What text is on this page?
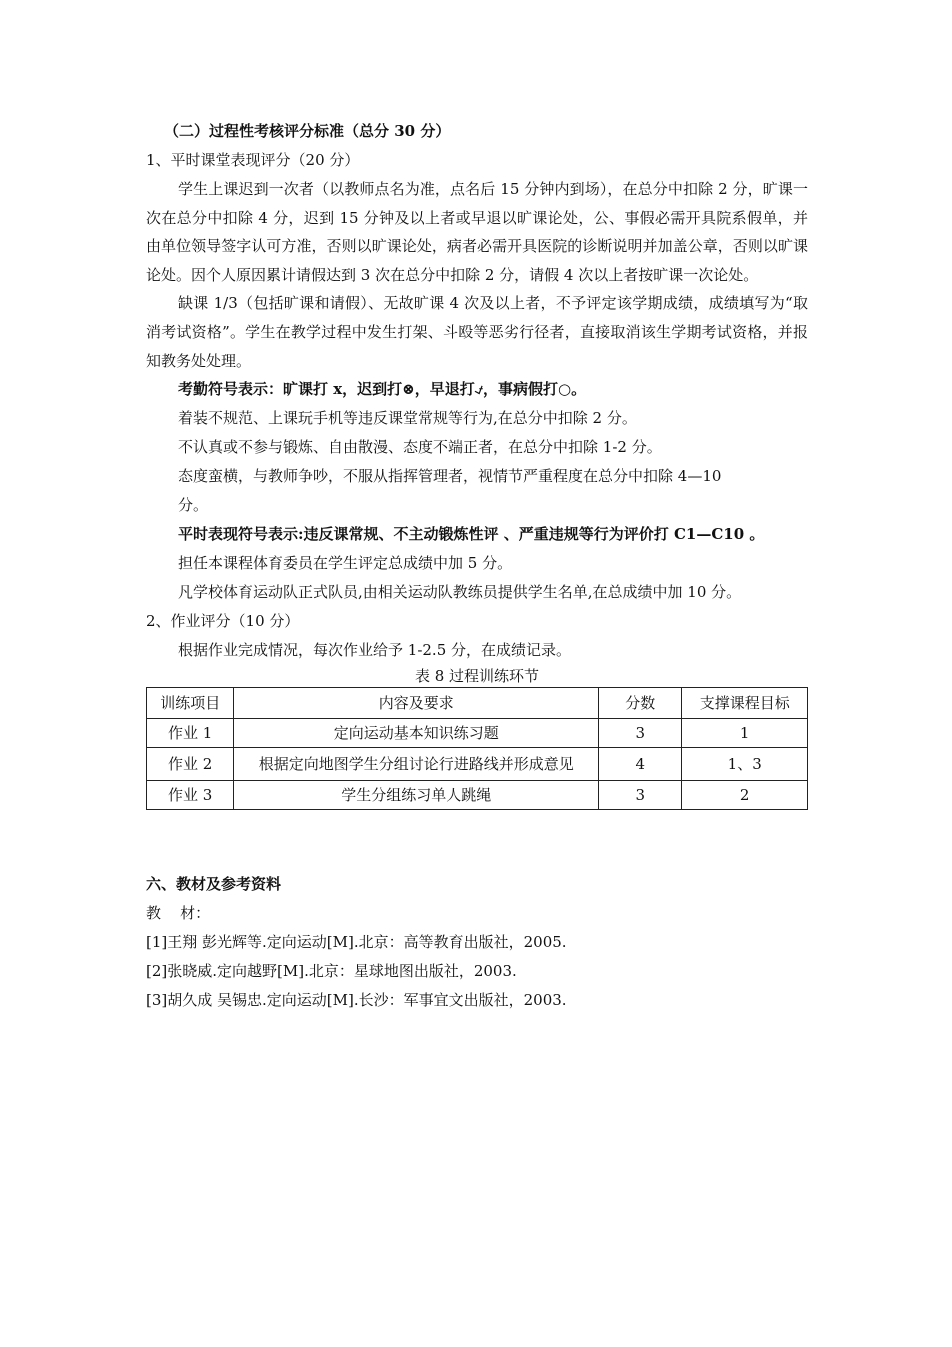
（二）过程性考核评分标准（总分 30 分）

1、平时课堂表现评分（20 分）

学生上课迟到一次者（以教师点名为准，点名后 15 分钟内到场），在总分中扣除 2 分，旷课一次在总分中扣除 4 分，迟到 15 分钟及以上者或早退以旷课论处，公、事假必需开具院系假单，并由单位领导签字认可方准，否则以旷课论处，病者必需开具医院的诊断说明并加盖公章，否则以旷课论处。因个人原因累计请假达到 3 次在总分中扣除 2 分，请假 4 次以上者按旷课一次论处。

缺课 1/3（包括旷课和请假）、无故旷课 4 次及以上者，不予评定该学期成绩，成绩填写为“取消考试资格”。学生在教学过程中发生打架、斗殴等恶劣行径者，直接取消该生学期考试资格，并报知教务处处理。

考勤符号表示：旷课打 x，迟到打⊗，早退打⍻，事病假打○。

着装不规范、上课玩手机等违反课堂常规等行为,在总分中扣除 2 分。

不认真或不参与锻炼、自由散漫、态度不端正者，在总分中扣除 1-2 分。

态度蛮横，与教师争吵，不服从指挥管理者，视情节严重程度在总分中扣除 4—10

分。

平时表现符号表示:违反课常规、不主动锻炼性评 、严重违规等行为评价打 C1—C10 。

担任本课程体育委员在学生评定总成绩中加 5 分。

凡学校体育运动队正式队员,由相关运动队教练员提供学生名单,在总成绩中加 10 分。

2、作业评分（10 分）

根据作业完成情况，每次作业给予 1-2.5 分，在成绩记录。

表 8 过程训练环节

训练项目	内容及要求	分数	支撑课程目标
作业 1	定向运动基本知识练习题	3	1
作业 2	根据定向地图学生分组讨论行进路线并形成意见	4	1、3
作业 3	学生分组练习单人跳绳	3	2

六、教材及参考资料

教    材：

[1]王翔 彭光辉等.定向运动[M].北京：高等教育出版社，2005.

[2]张晓威.定向越野[M].北京：星球地图出版社，2003.

[3]胡久成 吴锡忠.定向运动[M].长沙：军事宜文出版社，2003.
